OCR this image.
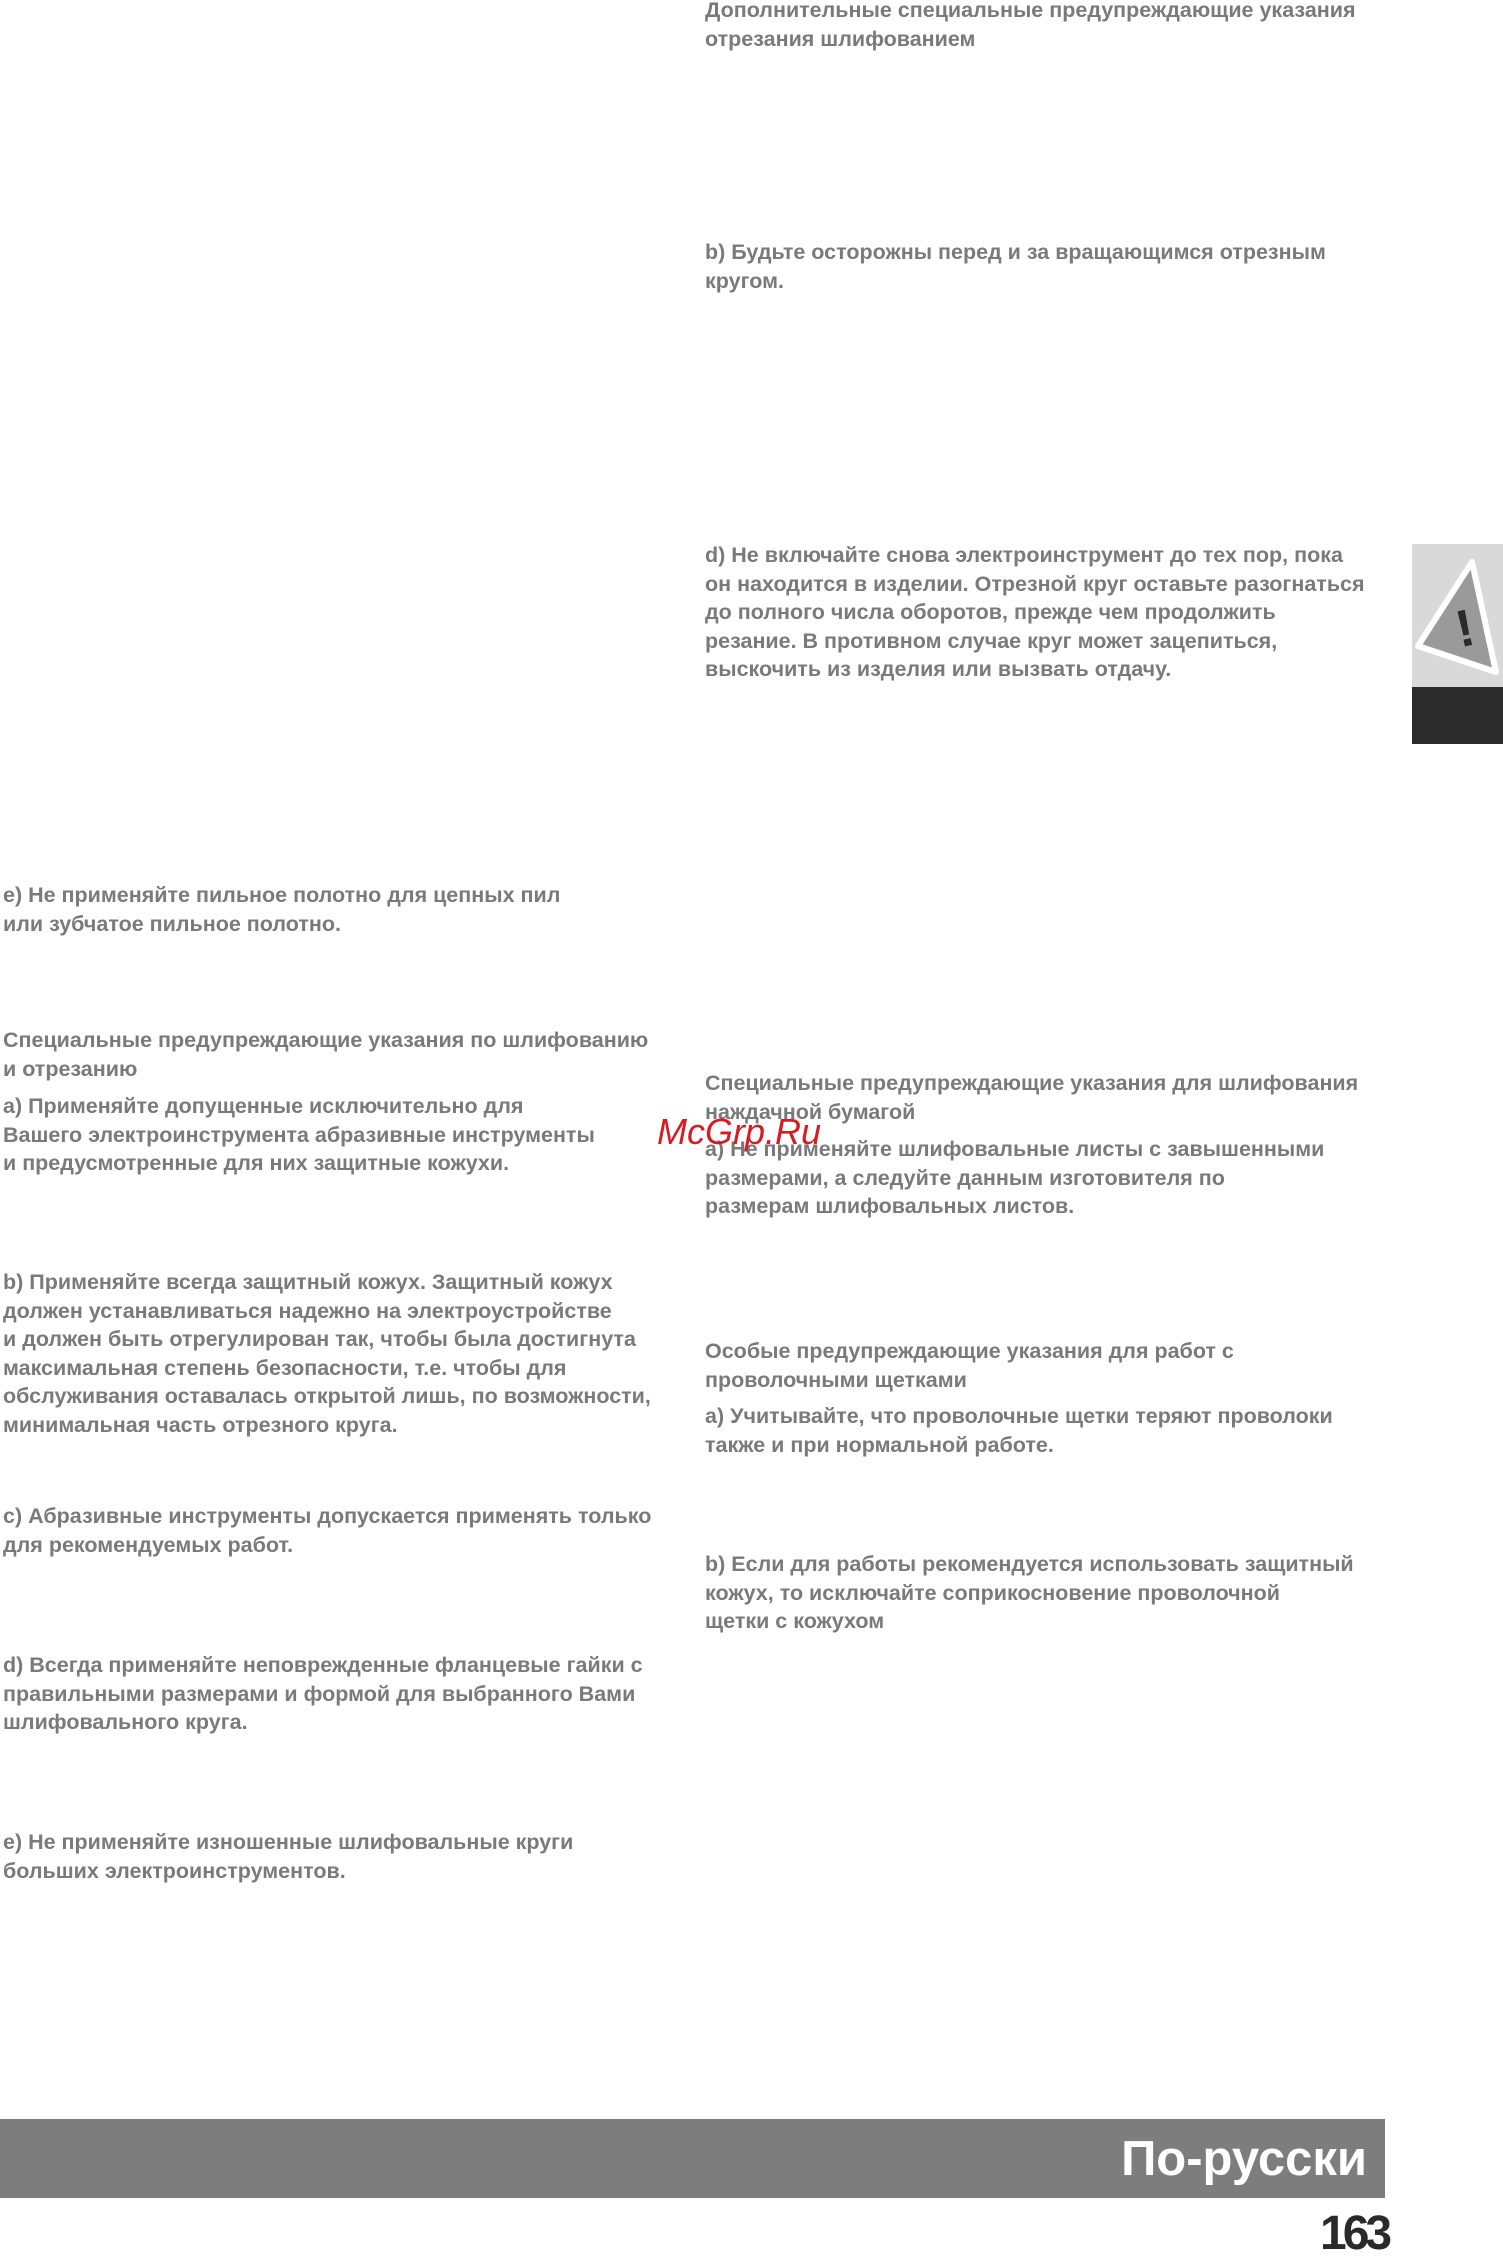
Дополнительные специальные предупреждающие указания
отрезания шлифованием

b) Будьте осторожны перед и за вращающимся отрезным
кругом.

d) Не включайте снова электроинструмент до тех пор, пока
он находится в изделии. Отрезной круг оставьте разогнаться
до полного числа оборотов, прежде чем продолжить
резание. В противном случае круг может зацепиться,
выскочить из изделия или вызвать отдачу.

Специальные предупреждающие указания для шлифования
наждачной бумагой

a) Не применяйте шлифовальные листы с завышенными
размерами, а следуйте данным изготовителя по
размерам шлифовальных листов.

Особые предупреждающие указания для работ с
проволочными щетками

a) Учитывайте, что проволочные щетки теряют проволоки
также и при нормальной работе.

b) Если для работы рекомендуется использовать защитный
кожух, то исключайте соприкосновение проволочной
щетки с кожухом

e) Не применяйте пильное полотно для цепных пил
или зубчатое пильное полотно.

Специальные предупреждающие указания по шлифованию
и отрезанию

a) Применяйте допущенные исключительно для
Вашего электроинструмента абразивные инструменты
и предусмотренные для них защитные кожухи.

b) Применяйте всегда защитный кожух. Защитный кожух
должен устанавливаться надежно на электроустройстве
и должен быть отрегулирован так, чтобы была достигнута
максимальная степень безопасности, т.е. чтобы для
обслуживания оставалась открытой лишь, по возможности,
минимальная часть отрезного круга.

c) Абразивные инструменты допускается применять только
для рекомендуемых работ.

d) Всегда применяйте неповрежденные фланцевые гайки с
правильными размерами и формой для выбранного Вами
шлифовального круга.

e) Не применяйте изношенные шлифовальные круги
больших электроинструментов.

McGrp.Ru
!
По-русски
163
